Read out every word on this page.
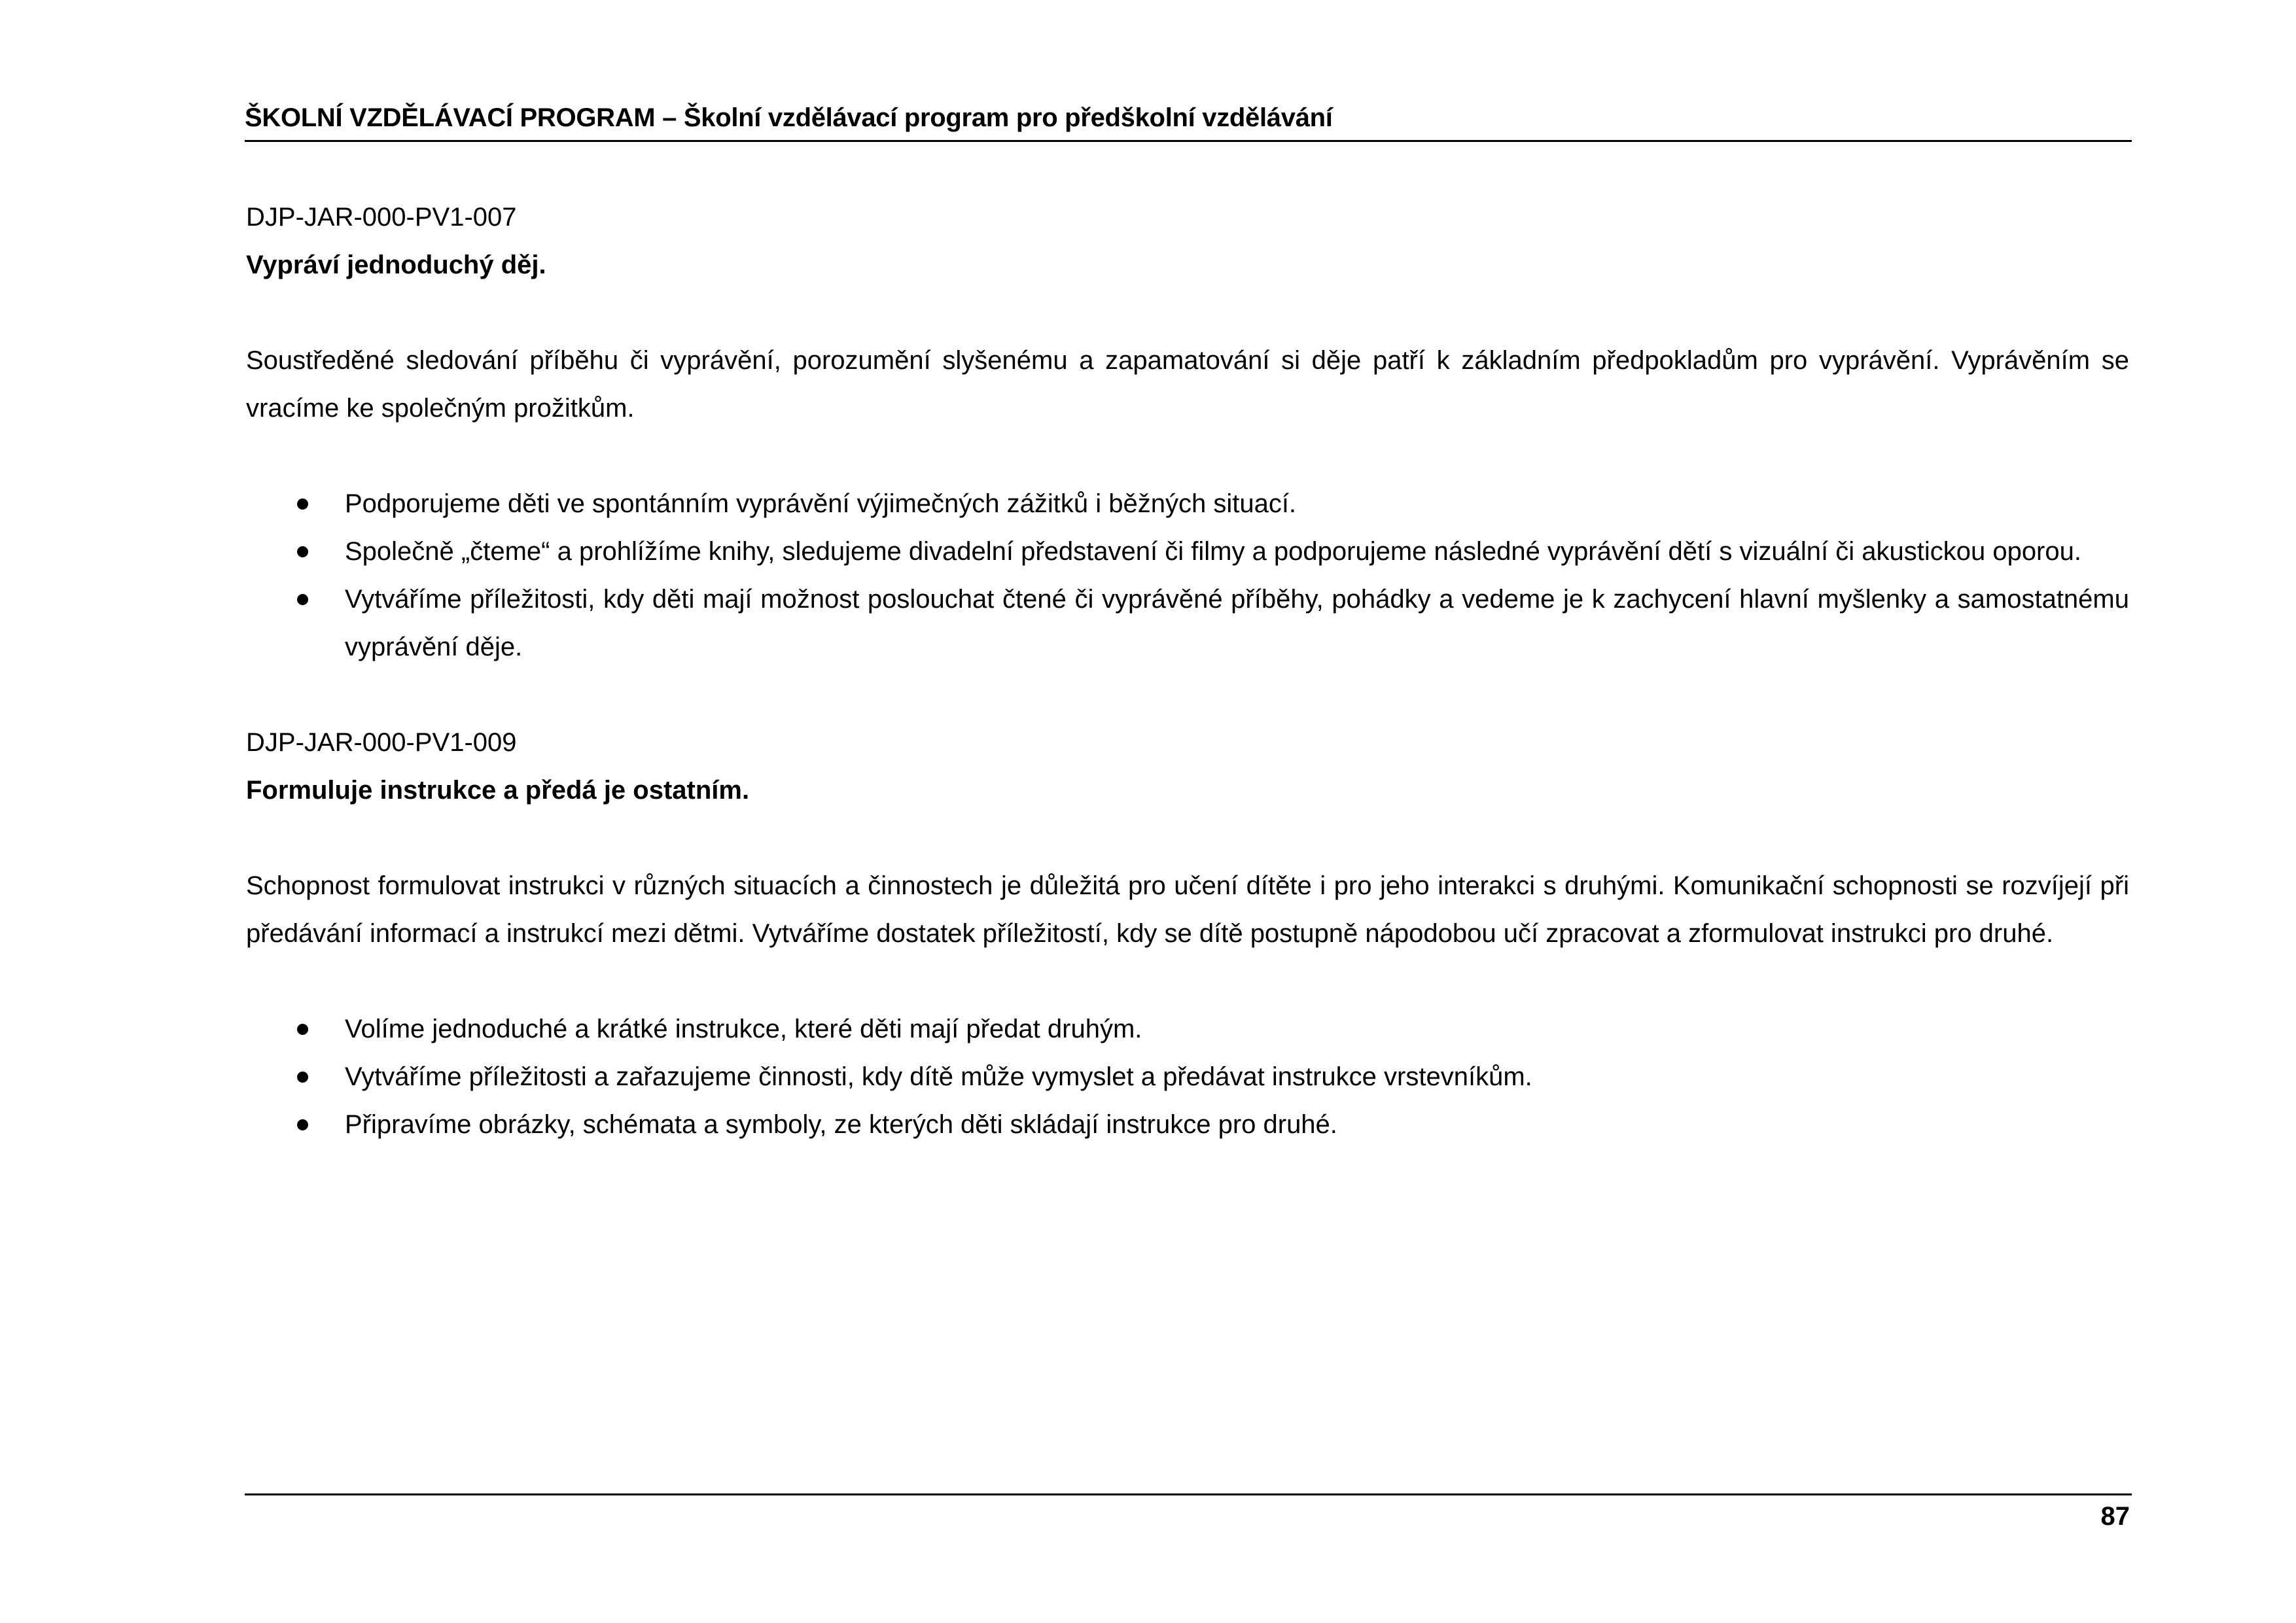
ŠKOLNÍ VZDĚLÁVACÍ PROGRAM – Školní vzdělávací program pro předškolní vzdělávání

DJP-JAR-000-PV1-007

Vypráví jednoduchý děj.

Soustředěné sledování příběhu či vyprávění, porozumění slyšenému a zapamatování si děje patří k základním předpokladům pro vyprávění. Vyprávěním se vracíme ke společným prožitkům.

Podporujeme děti ve spontánním vyprávění výjimečných zážitků i běžných situací.
Společně „čteme“ a prohlížíme knihy, sledujeme divadelní představení či filmy a podporujeme následné vyprávění dětí s vizuální či akustickou oporou.
Vytváříme příležitosti, kdy děti mají možnost poslouchat čtené či vyprávěné příběhy, pohádky a vedeme je k zachycení hlavní myšlenky a samostatnému vyprávění děje.

DJP-JAR-000-PV1-009

Formuluje instrukce a předá je ostatním.

Schopnost formulovat instrukci v různých situacích a činnostech je důležitá pro učení dítěte i pro jeho interakci s druhými. Komunikační schopnosti se rozvíjejí při předávání informací a instrukcí mezi dětmi. Vytváříme dostatek příležitostí, kdy se dítě postupně nápodobou učí zpracovat a zformulovat instrukci pro druhé.

Volíme jednoduché a krátké instrukce, které děti mají předat druhým.
Vytváříme příležitosti a zařazujeme činnosti, kdy dítě může vymyslet a předávat instrukce vrstevníkům.
Připravíme obrázky, schémata a symboly, ze kterých děti skládají instrukce pro druhé.
87
